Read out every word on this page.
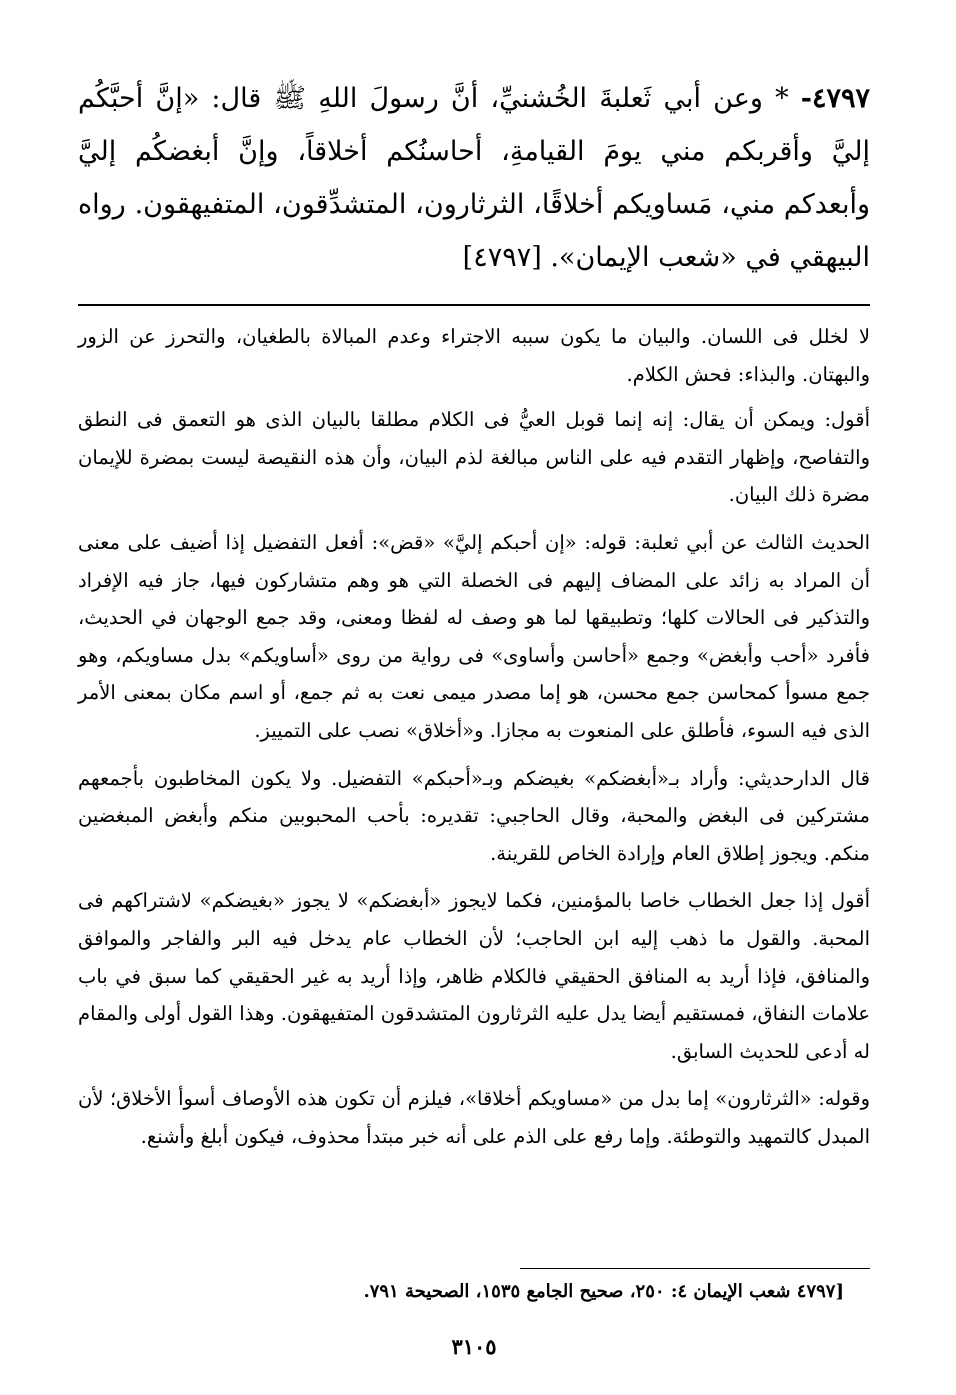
٤٧٩٧- * وعن أبي ثَعلبةَ الخُشنيِّ، أنَّ رسولَ اللهِ ﷺ قال: «إنَّ أحبَّكُم إليَّ وأقربكم مني يومَ القيامةِ، أحاسنُكم أخلاقاً، وإنَّ أبغضكُم إليَّ وأبعدكم مني، مَساويكم أخلاقًا، الثرثارون، المتشدِّقون، المتفيهقون. رواه البيهقي في «شعب الإيمان». [٤٧٩٧]

لا لخلل فى اللسان. والبيان ما يكون سببه الاجتراء وعدم المبالاة بالطغيان، والتحرز عن الزور والبهتان. والبذاء: فحش الكلام.

أقول: ويمكن أن يقال: إنه إنما قوبل العيُّ فى الكلام مطلقا بالبيان الذى هو التعمق فى النطق والتفاصح، وإظهار التقدم فيه على الناس مبالغة لذم البيان، وأن هذه النقيصة ليست بمضرة للإيمان مضرة ذلك البيان.

الحديث الثالث عن أبي ثعلبة: قوله: «إن أحبكم إليَّ» «قض»: أفعل التفضيل إذا أضيف على معنى أن المراد به زائد على المضاف إليهم فى الخصلة التي هو وهم متشاركون فيها، جاز فيه الإفراد والتذكير فى الحالات كلها؛ وتطبيقها لما هو وصف له لفظا ومعنى، وقد جمع الوجهان في الحديث، فأفرد «أحب وأبغض» وجمع «أحاسن وأساوى» فى رواية من روى «أساويكم» بدل مساويكم، وهو جمع مسوأ كمحاسن جمع محسن، هو إما مصدر ميمى نعت به ثم جمع، أو اسم مكان بمعنى الأمر الذى فيه السوء، فأطلق على المنعوت به مجازا. و«أخلاق» نصب على التمييز.

قال الدارحديثي: وأراد بـ«أبغضكم» بغيضكم وبـ«أحبكم» التفضيل. ولا يكون المخاطبون بأجمعهم مشتركين فى البغض والمحبة، وقال الحاجبي: تقديره: بأحب المحبوبين منكم وأبغض المبغضين منكم. ويجوز إطلاق العام وإرادة الخاص للقرينة.

أقول إذا جعل الخطاب خاصا بالمؤمنين، فكما لايجوز «أبغضكم» لا يجوز «بغيضكم» لاشتراكهم فى المحبة. والقول ما ذهب إليه ابن الحاجب؛ لأن الخطاب عام يدخل فيه البر والفاجر والموافق والمنافق، فإذا أريد به المنافق الحقيقي فالكلام ظاهر، وإذا أريد به غير الحقيقي كما سبق في باب علامات النفاق، فمستقيم أيضا يدل عليه الثرثارون المتشدقون المتفيهقون. وهذا القول أولى والمقام له أدعى للحديث السابق.

وقوله: «الثرثارون» إما بدل من «مساويكم أخلاقا»، فيلزم أن تكون هذه الأوصاف أسوأ الأخلاق؛ لأن المبدل كالتمهيد والتوطئة. وإما رفع على الذم على أنه خبر مبتدأ محذوف، فيكون أبلغ وأشنع.

[٤٧٩٧ شعب الإيمان ٤: ٢٥٠، صحيح الجامع ١٥٣٥، الصحيحة ٧٩١.
٣١٠٥
